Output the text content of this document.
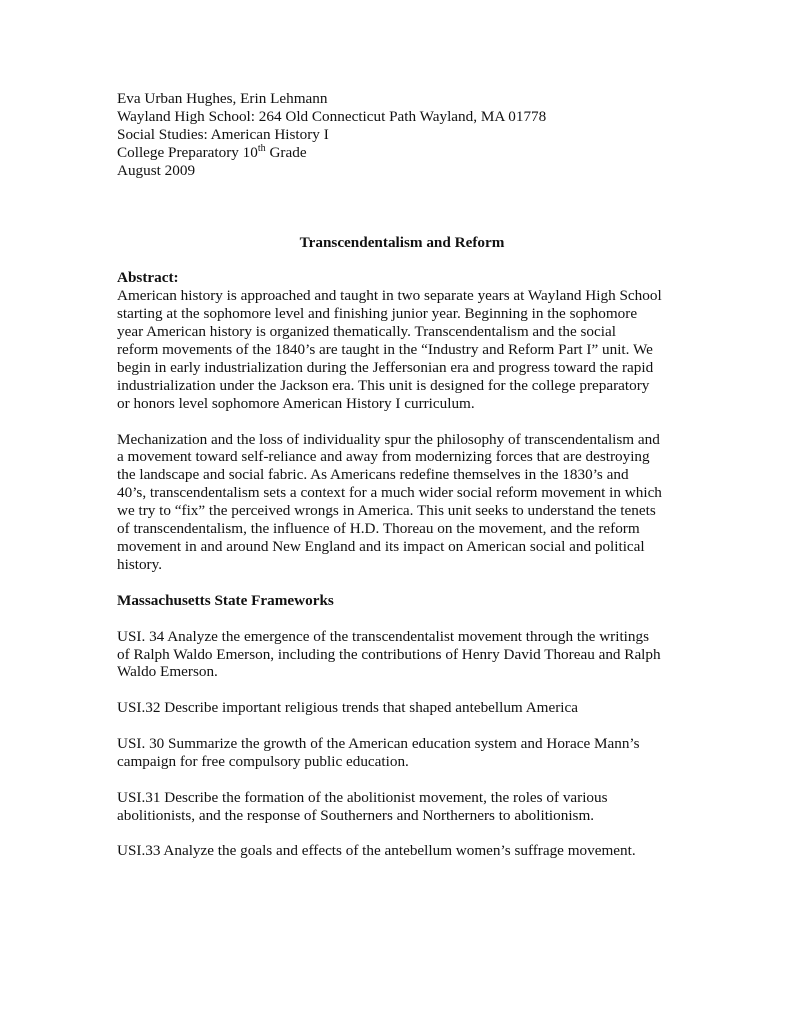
Eva Urban Hughes, Erin Lehmann
Wayland High School: 264 Old Connecticut Path Wayland, MA 01778
Social Studies: American History I
College Preparatory 10th Grade
August 2009
Transcendentalism and Reform
Abstract:
American history is approached and taught in two separate years at Wayland High School
starting at the sophomore level and finishing junior year. Beginning in the sophomore
year American history is organized thematically. Transcendentalism and the social
reform movements of the 1840’s are taught in the “Industry and Reform Part I” unit. We
begin in early industrialization during the Jeffersonian era and progress toward the rapid
industrialization under the Jackson era. This unit is designed for the college preparatory
or honors level sophomore American History I curriculum.
Mechanization and the loss of individuality spur the philosophy of transcendentalism and
a movement toward self-reliance and away from modernizing forces that are destroying
the landscape and social fabric. As Americans redefine themselves in the 1830’s and
40’s, transcendentalism sets a context for a much wider social reform movement in which
we try to “fix” the perceived wrongs in America. This unit seeks to understand the tenets
of transcendentalism, the influence of H.D. Thoreau on the movement, and the reform
movement in and around New England and its impact on American social and political
history.
Massachusetts State Frameworks
USI. 34 Analyze the emergence of the transcendentalist movement through the writings
of Ralph Waldo Emerson, including the contributions of Henry David Thoreau and Ralph
Waldo Emerson.
USI.32 Describe important religious trends that shaped antebellum America
USI. 30 Summarize the growth of the American education system and Horace Mann’s
campaign for free compulsory public education.
USI.31 Describe the formation of the abolitionist movement, the roles of various
abolitionists, and the response of Southerners and Northerners to abolitionism.
USI.33 Analyze the goals and effects of the antebellum women’s suffrage movement.
